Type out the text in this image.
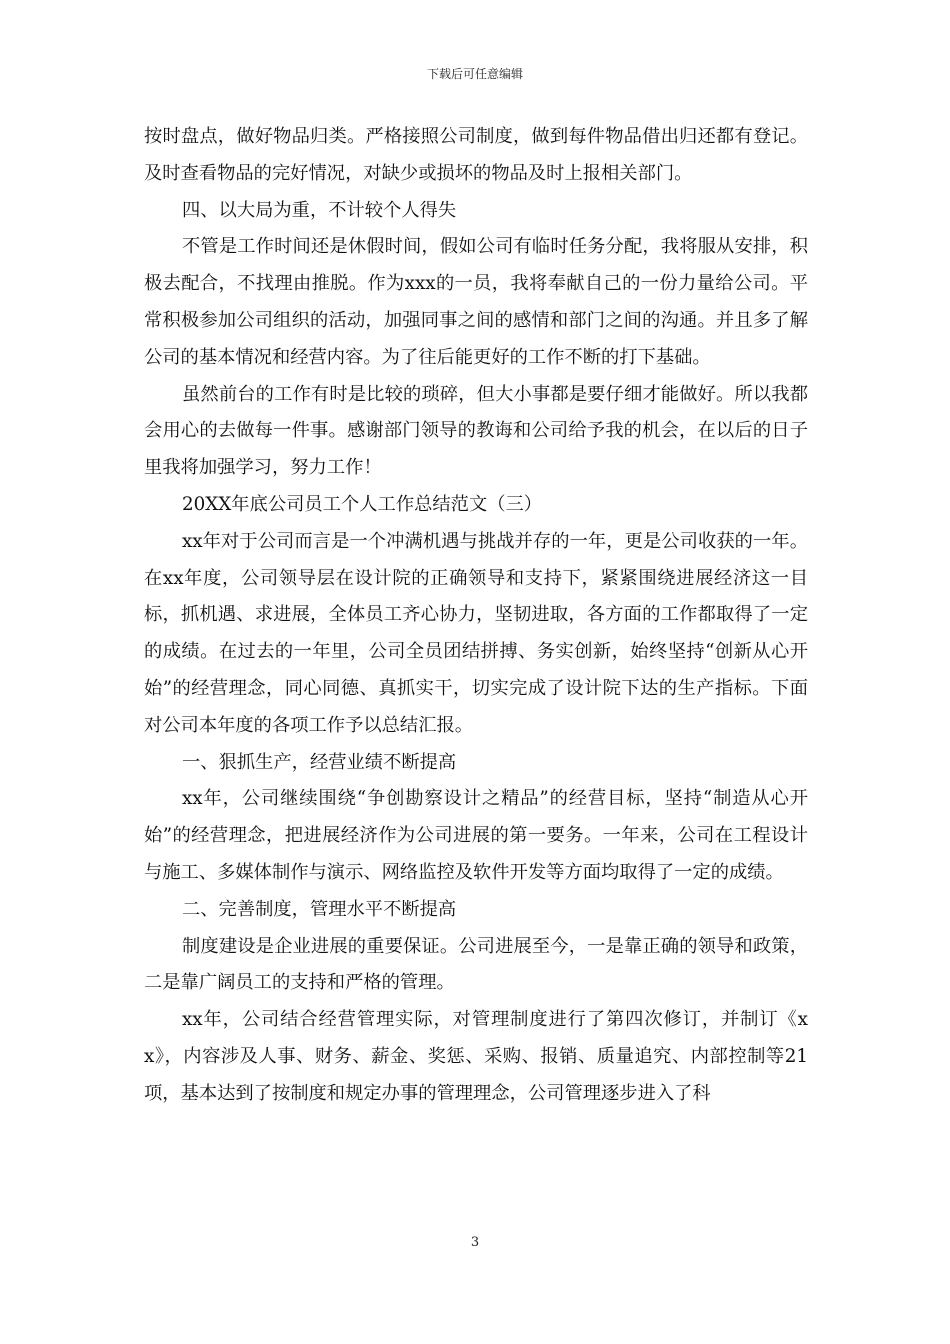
下载后可任意编辑

按时盘点，做好物品归类。严格接照公司制度，做到每件物品借出归还都有登记。及时查看物品的完好情况，对缺少或损坏的物品及时上报相关部门。

四、以大局为重，不计较个人得失

不管是工作时间还是休假时间，假如公司有临时任务分配，我将服从安排，积极去配合，不找理由推脱。作为xxx的一员，我将奉献自己的一份力量给公司。平常积极参加公司组织的活动，加强同事之间的感情和部门之间的沟通。并且多了解公司的基本情况和经营内容。为了往后能更好的工作不断的打下基础。

虽然前台的工作有时是比较的琐碎，但大小事都是要仔细才能做好。所以我都会用心的去做每一件事。感谢部门领导的教诲和公司给予我的机会，在以后的日子里我将加强学习，努力工作！

20XX年底公司员工个人工作总结范文（三）

xx年对于公司而言是一个冲满机遇与挑战并存的一年，更是公司收获的一年。在xx年度，公司领导层在设计院的正确领导和支持下，紧紧围绕进展经济这一目标，抓机遇、求进展，全体员工齐心协力，坚韧进取，各方面的工作都取得了一定的成绩。在过去的一年里，公司全员团结拼搏、务实创新，始终坚持“创新从心开始”的经营理念，同心同德、真抓实干，切实完成了设计院下达的生产指标。下面对公司本年度的各项工作予以总结汇报。

一、狠抓生产，经营业绩不断提高

xx年，公司继续围绕“争创勘察设计之精品”的经营目标，坚持“制造从心开始”的经营理念，把进展经济作为公司进展的第一要务。一年来，公司在工程设计与施工、多媒体制作与演示、网络监控及软件开发等方面均取得了一定的成绩。

二、完善制度，管理水平不断提高

制度建设是企业进展的重要保证。公司进展至今，一是靠正确的领导和政策，二是靠广阔员工的支持和严格的管理。

xx年，公司结合经营管理实际，对管理制度进行了第四次修订，并制订《xx》，内容涉及人事、财务、薪金、奖惩、采购、报销、质量追究、内部控制等21项，基本达到了按制度和规定办事的管理理念，公司管理逐步进入了科

3
